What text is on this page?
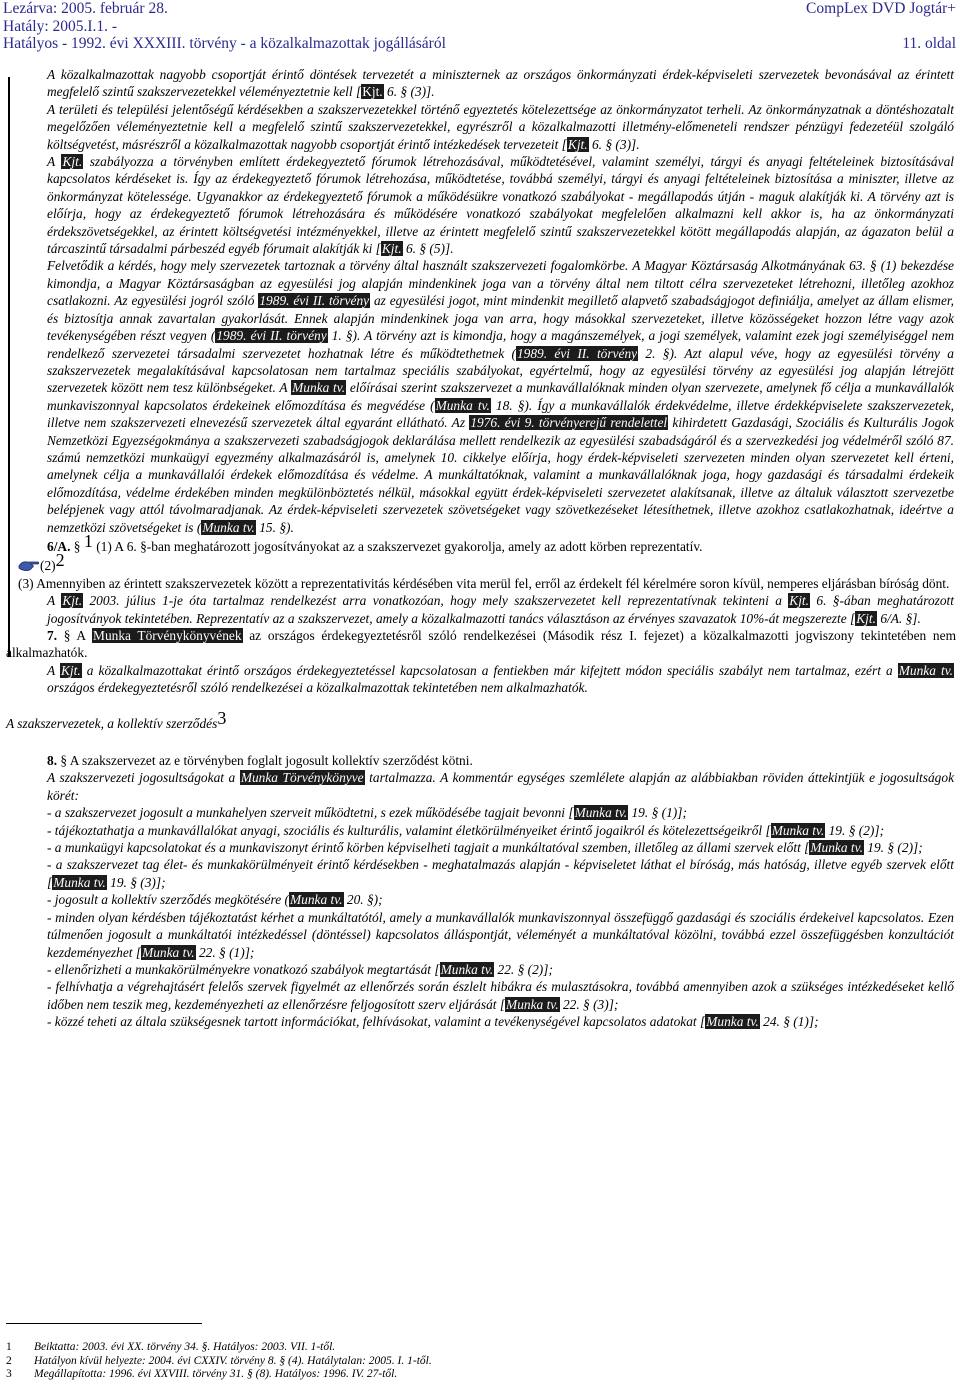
Lezárva: 2005. február 28.
Hatály: 2005.I.1. -
Hatályos - 1992. évi XXXIII. törvény - a közalkalmazottak jogállásáról
CompLex DVD Jogtár+
11. oldal

A közalkalmazottak nagyobb csoportját érintő döntések tervezetét a miniszternek az országos önkormányzati érdek-képviseleti szervezetek bevonásával az érintett megfelelő szintű szakszervezetekkel véleményeztetnie kell [Kjt. 6. § (3)].

A területi és települési jelentőségű kérdésekben a szakszervezetekkel történő egyeztetés kötelezettsége az önkormányzatot terheli. Az önkormányzatnak a döntéshozatalt megelőzően véleményeztetnie kell a megfelelő szintű szakszervezetekkel, egyrészről a közalkalmazotti illetmény-előmeneteli rendszer pénzügyi fedezetéül szolgáló költségvetést, másrészről a közalkalmazottak nagyobb csoportját érintő intézkedések tervezeteit [Kjt. 6. § (3)].

A Kjt. szabályozza a törvényben említett érdekegyeztető fórumok létrehozásával, működtetésével, valamint személyi, tárgyi és anyagi feltételeinek biztosításával kapcsolatos kérdéseket is. Így az érdekegyeztető fórumok létrehozása, működtetése, továbbá személyi, tárgyi és anyagi feltételeinek biztosítása a miniszter, illetve az önkormányzat kötelessége. Ugyanakkor az érdekegyeztető fórumok a működésükre vonatkozó szabályokat - megállapodás útján - maguk alakítják ki. A törvény azt is előírja, hogy az érdekegyeztető fórumok létrehozására és működésére vonatkozó szabályokat megfelelően alkalmazni kell akkor is, ha az önkormányzati érdekszövetségekkel, az érintett költségvetési intézményekkel, illetve az érintett megfelelő szintű szakszervezetekkel kötött megállapodás alapján, az ágazaton belül a tárcaszintű társadalmi párbeszéd egyéb fórumait alakítják ki [Kjt. 6. § (5)].

Felvetődik a kérdés, hogy mely szervezetek tartoznak a törvény által használt szakszervezeti fogalomkörbe. A Magyar Köztársaság Alkotmányának 63. § (1) bekezdése kimondja, a Magyar Köztársaságban az egyesülési jog alapján mindenkinek joga van a törvény által nem tiltott célra szervezeteket létrehozni, illetőleg azokhoz csatlakozni. Az egyesülési jogról szóló 1989. évi II. törvény az egyesülési jogot, mint mindenkit megillető alapvető szabadságjogot definiálja, amelyet az állam elismer, és biztosítja annak zavartalan gyakorlását. Ennek alapján mindenkinek joga van arra, hogy másokkal szervezeteket, illetve közösségeket hozzon létre vagy azok tevékenységében részt vegyen (1989. évi II. törvény 1. §). A törvény azt is kimondja, hogy a magánszemélyek, a jogi személyek, valamint ezek jogi személyiséggel nem rendelkező szervezetei társadalmi szervezetet hozhatnak létre és működtethetnek (1989. évi II. törvény 2. §). Azt alapul véve, hogy az egyesülési törvény a szakszervezetek megalakításával kapcsolatosan nem tartalmaz speciális szabályokat, egyértelmű, hogy az egyesülési törvény az egyesülési jog alapján létrejött szervezetek között nem tesz különbségeket. A Munka tv. előírásai szerint szakszervezet a munkavállalóknak minden olyan szervezete, amelynek fő célja a munkavállalók munkaviszonnyal kapcsolatos érdekeinek előmozdítása és megvédése (Munka tv. 18. §). Így a munkavállalók érdekvédelme, illetve érdekképviselete szakszervezetek, illetve nem szakszervezeti elnevezésű szervezetek által egyaránt ellátható. Az 1976. évi 9. törvényerejű rendelettel kihirdetett Gazdasági, Szociális és Kulturális Jogok Nemzetközi Egyezségokmánya a szakszervezeti szabadságjogok deklarálása mellett rendelkezik az egyesülési szabadságáról és a szervezkedési jog védelméről szóló 87. számú nemzetközi munkaügyi egyezmény alkalmazásáról is, amelynek 10. cikkelye előírja, hogy érdek-képviseleti szervezeten minden olyan szervezetet kell érteni, amelynek célja a munkavállalói érdekek előmozdítása és védelme. A munkáltatóknak, valamint a munkavállalóknak joga, hogy gazdasági és társadalmi érdekeik előmozdítása, védelme érdekében minden megkülönböztetés nélkül, másokkal együtt érdek-képviseleti szervezetet alakítsanak, illetve az általuk választott szervezetbe belépjenek vagy attól távolmaradjanak. Az érdek-képviseleti szervezetek szövetségeket vagy szövetkezéseket létesíthetnek, illetve azokhoz csatlakozhatnak, ideértve a nemzetközi szövetségeket is (Munka tv. 15. §).

6/A. § 1 (1) A 6. §-ban meghatározott jogosítványokat az a szakszervezet gyakorolja, amely az adott körben reprezentatív.

(2)2

(3) Amennyiben az érintett szakszervezetek között a reprezentativitás kérdésében vita merül fel, erről az érdekelt fél kérelmére soron kívül, nemperes eljárásban bíróság dönt.

A Kjt. 2003. július 1-je óta tartalmaz rendelkezést arra vonatkozóan, hogy mely szakszervezetet kell reprezentatívnak tekinteni a Kjt. 6. §-ában meghatározott jogosítványok tekintetében. Reprezentatív az a szakszervezet, amely a közalkalmazotti tanács választáson az érvényes szavazatok 10%-át megszerezte [Kjt. 6/A. §].

7. § A Munka Törvénykönyvének az országos érdekegyeztetésről szóló rendelkezései (Második rész I. fejezet) a közalkalmazotti jogviszony tekintetében nem alkalmazhatók.

A Kjt. a közalkalmazottakat érintő országos érdekegyeztetéssel kapcsolatosan a fentiekben már kifejtett módon speciális szabályt nem tartalmaz, ezért a Munka tv. országos érdekegyeztetésről szóló rendelkezései a közalkalmazottak tekintetében nem alkalmazhatók.

A szakszervezetek, a kollektív szerződés3

8. § A szakszervezet az e törvényben foglalt jogosult kollektív szerződést kötni.

A szakszervezeti jogosultságokat a Munka Törvénykönyve tartalmazza. A kommentár egységes szemlélete alapján az alábbiakban röviden áttekintjük e jogosultságok körét:

- a szakszervezet jogosult a munkahelyen szerveit működtetni, s ezek működésébe tagjait bevonni [Munka tv. 19. § (1)];

- tájékoztathatja a munkavállalókat anyagi, szociális és kulturális, valamint életkörülményeiket érintő jogaikról és kötelezettségeikről [Munka tv. 19. § (2)];

- a munkaügyi kapcsolatokat és a munkaviszonyt érintő körben képviselheti tagjait a munkáltatóval szemben, illetőleg az állami szervek előtt [Munka tv. 19. § (2)];

- a szakszervezet tag élet- és munkakörülményeit érintő kérdésekben - meghatalmazás alapján - képviseletet láthat el bíróság, más hatóság, illetve egyéb szervek előtt [Munka tv. 19. § (3)];

- jogosult a kollektív szerződés megkötésére (Munka tv. 20. §);

- minden olyan kérdésben tájékoztatást kérhet a munkáltatótól, amely a munkavállalók munkaviszonnyal összefüggő gazdasági és szociális érdekeivel kapcsolatos. Ezen túlmenően jogosult a munkáltatói intézkedéssel (döntéssel) kapcsolatos álláspontját, véleményét a munkáltatóval közölni, továbbá ezzel összefüggésben konzultációt kezdeményezhet [Munka tv. 22. § (1)];

- ellenőrizheti a munkakörülményekre vonatkozó szabályok megtartását [Munka tv. 22. § (2)];

- felhívhatja a végrehajtásért felelős szervek figyelmét az ellenőrzés során észlelt hibákra és mulasztásokra, továbbá amennyiben azok a szükséges intézkedéseket kellő időben nem teszik meg, kezdeményezheti az ellenőrzésre feljogosított szerv eljárását [Munka tv. 22. § (3)];

- közzé teheti az általa szükségesnek tartott információkat, felhívásokat, valamint a tevékenységével kapcsolatos adatokat [Munka tv. 24. § (1)];

1 Beiktatta: 2003. évi XX. törvény 34. §. Hatályos: 2003. VII. 1-től.
2 Hatályon kívül helyezte: 2004. évi CXXIV. törvény 8. § (4). Hatálytalan: 2005. I. 1-től.
3 Megállapította: 1996. évi XXVIII. törvény 31. § (8). Hatályos: 1996. IV. 27-től.
